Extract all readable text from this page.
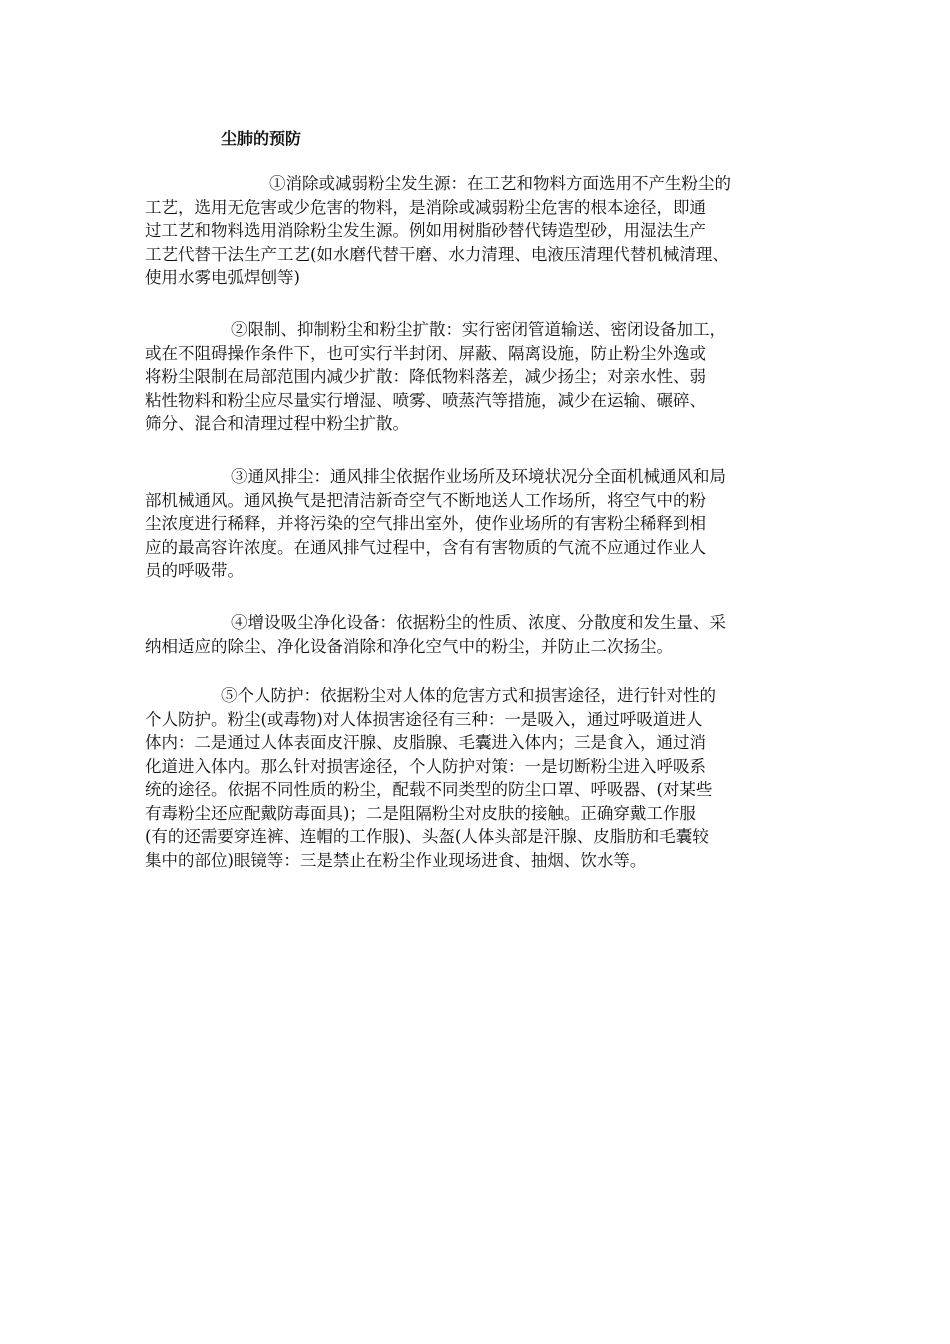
尘肺的预防
①消除或减弱粉尘发生源：在工艺和物料方面选用不产生粉尘的
工艺，选用无危害或少危害的物料，是消除或减弱粉尘危害的根本途径，即通
过工艺和物料选用消除粉尘发生源。例如用树脂砂替代铸造型砂，用湿法生产
工艺代替干法生产工艺(如水磨代替干磨、水力清理、电液压清理代替机械清理、
使用水雾电弧焊刨等)
②限制、抑制粉尘和粉尘扩散：实行密闭管道输送、密闭设备加工，
或在不阻碍操作条件下，也可实行半封闭、屏蔽、隔离设施，防止粉尘外逸或
将粉尘限制在局部范围内减少扩散：降低物料落差，减少扬尘；对亲水性、弱
粘性物料和粉尘应尽量实行增湿、喷雾、喷蒸汽等措施，减少在运输、碾碎、
筛分、混合和清理过程中粉尘扩散。
③通风排尘：通风排尘依据作业场所及环境状况分全面机械通风和局
部机械通风。通风换气是把清洁新奇空气不断地送人工作场所，将空气中的粉
尘浓度进行稀释，并将污染的空气排出室外，使作业场所的有害粉尘稀释到相
应的最高容许浓度。在通风排气过程中，含有有害物质的气流不应通过作业人
员的呼吸带。
④增设吸尘净化设备：依据粉尘的性质、浓度、分散度和发生量、采
纳相适应的除尘、净化设备消除和净化空气中的粉尘，并防止二次扬尘。
⑤个人防护：依据粉尘对人体的危害方式和损害途径，进行针对性的
个人防护。粉尘(或毒物)对人体损害途径有三种：一是吸入，通过呼吸道进人
体内：二是通过人体表面皮汗腺、皮脂腺、毛囊进入体内；三是食入，通过消
化道进入体内。那么针对损害途径，个人防护对策：一是切断粉尘进入呼吸系
统的途径。依据不同性质的粉尘，配载不同类型的防尘口罩、呼吸器、(对某些
有毒粉尘还应配戴防毒面具)；二是阻隔粉尘对皮肤的接触。正确穿戴工作服
(有的还需要穿连裤、连帽的工作服)、头盔(人体头部是汗腺、皮脂肪和毛囊较
集中的部位)眼镜等：三是禁止在粉尘作业现场进食、抽烟、饮水等。
